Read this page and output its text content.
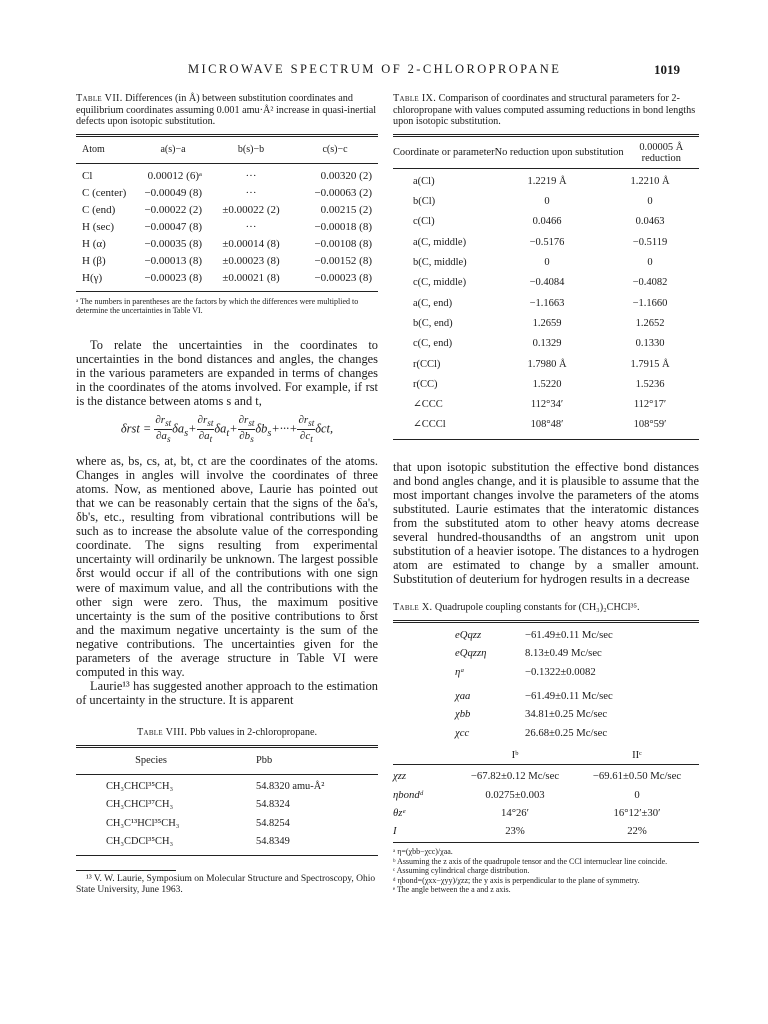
MICROWAVE SPECTRUM OF 2-CHLOROPROPANE	1019
Table VII. Differences (in Å) between substitution coordinates and equilibrium coordinates assuming 0.001 amu·Å² increase in quasi-inertial defects upon isotopic substitution.
Atom	a(s)−a	b(s)−b	c(s)−c
Cl	0.00012 (6)ᵃ	···	0.00320 (2)
C (center)	−0.00049 (8)	···	−0.00063 (2)
C (end)	−0.00022 (2)	±0.00022 (2)	0.00215 (2)
H (sec)	−0.00047 (8)	···	−0.00018 (8)
H (α)	−0.00035 (8)	±0.00014 (8)	−0.00108 (8)
H (β)	−0.00013 (8)	±0.00023 (8)	−0.00152 (8)
H(γ)	−0.00023 (8)	±0.00021 (8)	−0.00023 (8)
ᵃ The numbers in parentheses are the factors by which the differences were multiplied to determine the uncertainties in Table VI.

To relate the uncertainties in the coordinates to uncertainties in the bond distances and angles, the changes in the various parameters are expanded in terms of changes in the coordinates of the atoms involved. For example, if rst is the distance between atoms s and t,

$\delta rst = \frac{\partial r_{st}}{\partial a_s} \delta a_s+ \frac{\partial r_{st}}{\partial a_t} \delta a_t+ \frac{\partial r_{st}}{\partial b_s} \delta b_s+\cdot\cdot\cdot+ \frac{\partial r_{st}}{\partial c_t} \delta ct$,

where as, bs, cs, at, bt, ct are the coordinates of the atoms. Changes in angles will involve the coordinates of three atoms. Now, as mentioned above, Laurie has pointed out that we can be reasonably certain that the signs of the δa's, δb's, etc., resulting from vibrational contributions will be such as to increase the absolute value of the corresponding coordinate. The signs resulting from experimental uncertainty will ordinarily be unknown. The largest possible δrst would occur if all of the contributions with one sign were of maximum value, and all the contributions with the other sign were zero. Thus, the maximum positive uncertainty is the sum of the positive contributions to δrst and the maximum negative uncertainty is the sum of the negative contributions. The uncertainties given for the parameters of the average structure in Table VI were computed in this way.

Laurie¹³ has suggested another approach to the estimation of uncertainty in the structure. It is apparent

Table VIII. Pbb values in 2-chloropropane.
Species	Pbb
CH₃CHCl³⁵CH₃	54.8320 amu-Å²
CH₃CHCl³⁷CH₃	54.8324
CH₃C¹³HCl³⁵CH₃	54.8254
CH₃CDCl³⁵CH₃	54.8349
¹³ V. W. Laurie, Symposium on Molecular Structure and Spectroscopy, Ohio State University, June 1963.
Table IX. Comparison of coordinates and structural parameters for 2-chloropropane with values computed assuming reductions in bond lengths upon isotopic substitution.
Coordinate or parameter	No reduction upon substitution	0.00005 Å reduction
a(Cl)	1.2219 Å	1.2210 Å
b(Cl)	0	0
c(Cl)	0.0466	0.0463
a(C, middle)	−0.5176	−0.5119
b(C, middle)	0	0
c(C, middle)	−0.4084	−0.4082
a(C, end)	−1.1663	−1.1660
b(C, end)	1.2659	1.2652
c(C, end)	0.1329	0.1330
r(CCl)	1.7980 Å	1.7915 Å
r(CC)	1.5220	1.5236
∠CCC	112°34′	112°17′
∠CCCl	108°48′	108°59′

that upon isotopic substitution the effective bond distances and bond angles change, and it is plausible to assume that the most important changes involve the parameters of the atoms substituted. Laurie estimates that the interatomic distances from the substituted atom to other heavy atoms decrease several hundred-thousandths of an angstrom unit upon substitution of a heavier isotope. The distances to a hydrogen atom are estimated to change by a smaller amount. Substitution of deuterium for hydrogen results in a decrease

Table X. Quadrupole coupling constants for (CH₃)₂CHCl³⁵.
eQqzz	−61.49±0.11 Mc/sec
eQqzzη	8.13±0.49 Mc/sec
ηᵃ	−0.1322±0.0082
χaa	−61.49±0.11 Mc/sec
χbb	34.81±0.25 Mc/sec
χcc	26.68±0.25 Mc/sec
	Iᵇ	IIᶜ
χzz	−67.82±0.12 Mc/sec	−69.61±0.50 Mc/sec
ηbondᵈ	0.0275±0.003	0
θzᵉ	14°26′	16°12′±30′
I	23%	22%
ᵃ η=(χbb−χcc)/χaa.
ᵇ Assuming the z axis of the quadrupole tensor and the CCl internuclear line coincide.
ᶜ Assuming cylindrical charge distribution.
ᵈ ηbond=(χxx−χyy)/χzz; the y axis is perpendicular to the plane of symmetry.
ᵉ The angle between the a and z axis.
